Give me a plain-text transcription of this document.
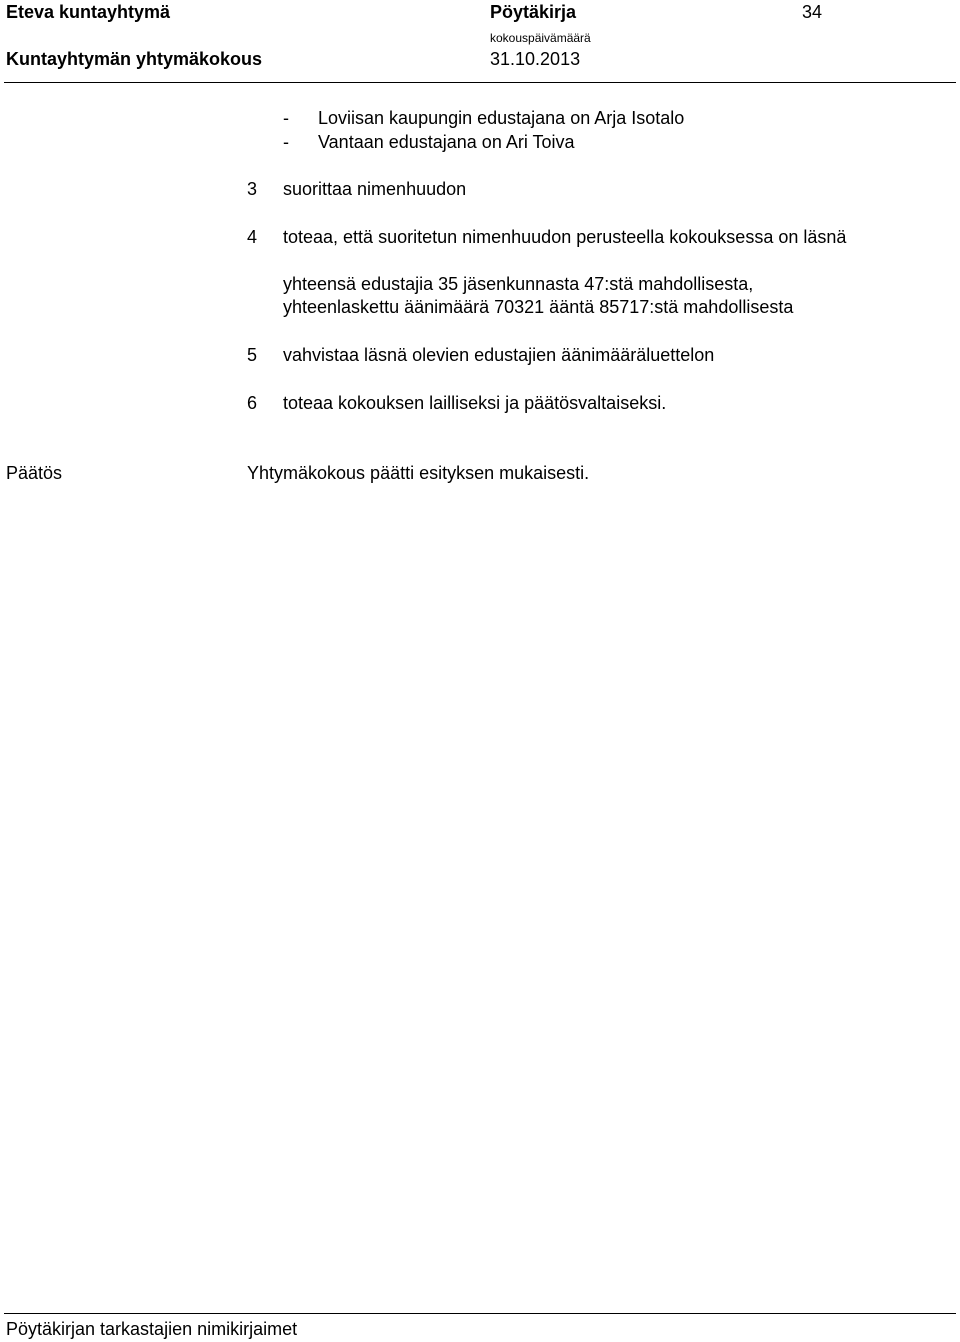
Eteva kuntayhtymä	Pöytäkirja	34
Kuntayhtymän yhtymäkokous
kokouspäivämäärä
31.10.2013
- Loviisan kaupungin edustajana on Arja Isotalo
- Vantaan edustajana on Ari Toiva
3 suorittaa nimenhuudon
4 toteaa, että suoritetun nimenhuudon perusteella kokouksessa on läsnä
yhteensä edustajia 35 jäsenkunnasta 47:stä mahdollisesta,
yhteenlaskettu äänimäärä 70321 ääntä 85717:stä mahdollisesta
5 vahvistaa läsnä olevien edustajien äänimääräluettelon
6 toteaa kokouksen lailliseksi ja päätösvaltaiseksi.
Päätös	Yhtymäkokous päätti esityksen mukaisesti.
Pöytäkirjan tarkastajien nimikirjaimet
